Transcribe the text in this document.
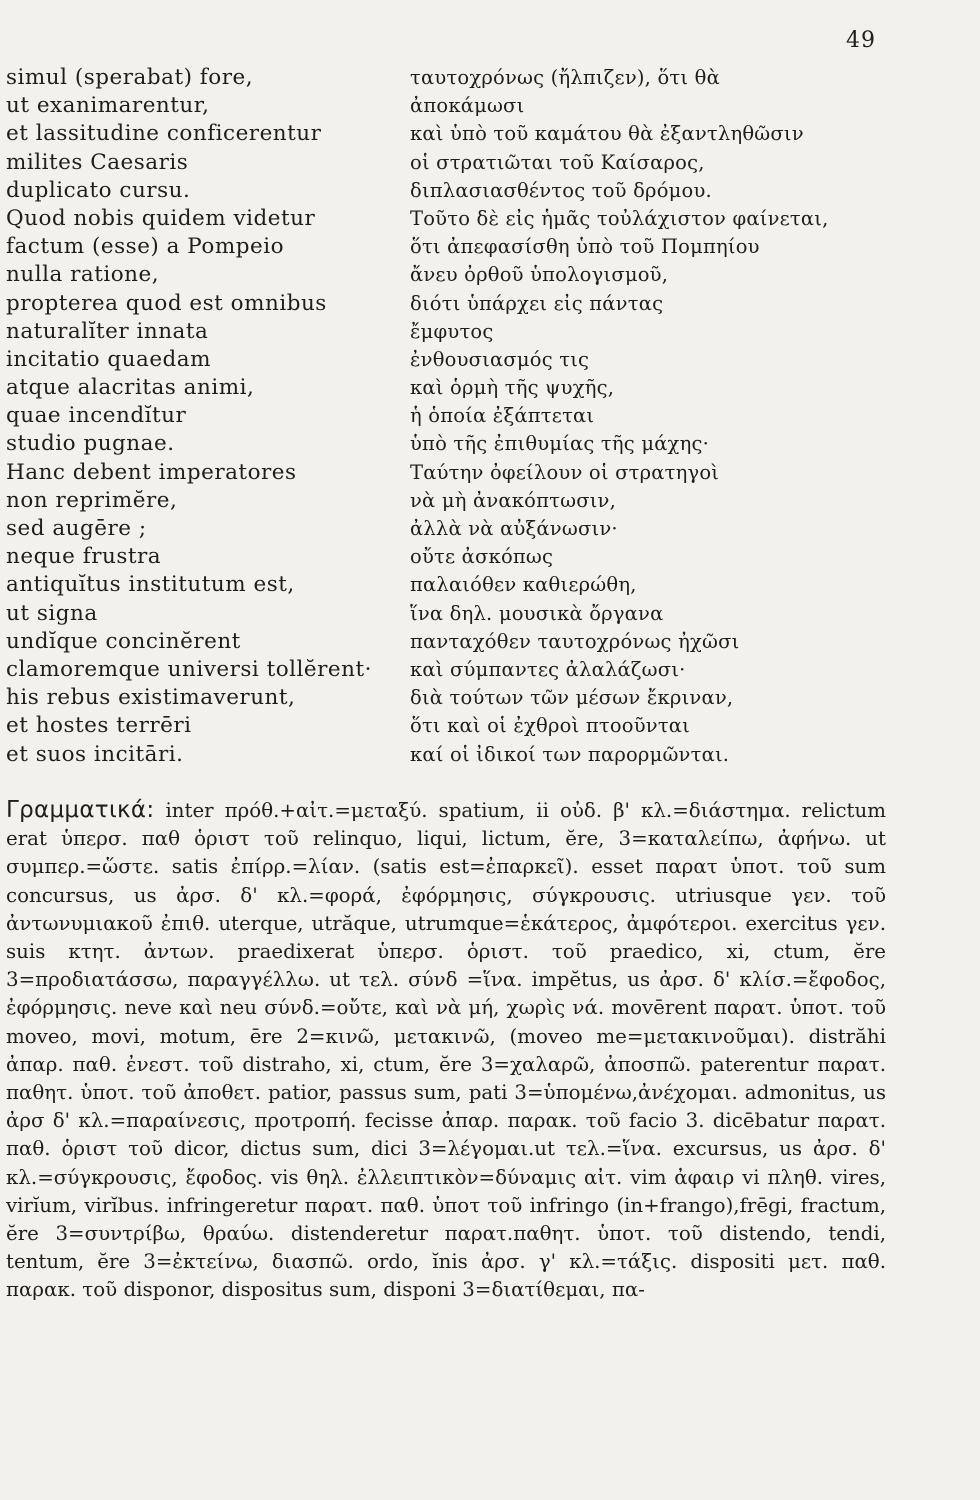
49
simul (sperabat) fore,
ut exanimarentur,
et lassitudine conficerentur
milites Caesaris
duplicato cursu.
Quod nobis quidem videtur
factum (esse) a Pompeio
nulla ratione,
propterea quod est omnibus
naturalĭter innata
incitatio quaedam
atque alacritas animi,
quae incendĭtur
studio pugnae.
Hanc debent imperatores
non reprimĕre,
sed augēre ;
neque frustra
antiquĭtus institutum est,
ut signa
undĭque concinĕrent
clamoremque universi tollĕrent·
his rebus existimaverunt,
et hostes terrēri
et suos incitāri.
ταυτοχρόνως (ἤλπιζεν), ὅτι θὰ
ἀποκάμωσι
καὶ ὑπὸ τοῦ καμάτου θὰ ἐξαντληθῶσιν
οἱ στρατιῶται τοῦ Καίσαρος,
διπλασιασθέντος τοῦ δρόμου.
Τοῦτο δὲ εἰς ἡμᾶς τοὐλάχιστον φαίνεται,
ὅτι ἀπεφασίσθη ὑπὸ τοῦ Πομπηίου
ἄνευ ὀρθοῦ ὑπολογισμοῦ,
διότι ὑπάρχει εἰς πάντας
ἔμφυτος
ἐνθουσιασμός τις
καὶ ὁρμὴ τῆς ψυχῆς,
ἡ ὁποία ἐξάπτεται
ὑπὸ τῆς ἐπιθυμίας τῆς μάχης·
Ταύτην ὀφείλουν οἱ στρατηγοὶ
νὰ μὴ ἀνακόπτωσιν,
ἀλλὰ νὰ αὐξάνωσιν·
οὔτε ἀσκόπως
παλαιόθεν καθιερώθη,
ἵνα δηλ. μουσικὰ ὄργανα
πανταχόθεν ταυτοχρόνως ἠχῶσι
καὶ σύμπαντες ἀλαλάζωσι·
διὰ τούτων τῶν μέσων ἔκριναν,
ὅτι καὶ οἱ ἐχθροὶ πτοοῦνται
καί οἱ ἰδικοί των παρορμῶνται.
Γραμματικά: inter πρόθ.+αἰτ.=μεταξύ. spatium, ii οὐδ. β' κλ.=διάστημα. relictum erat ὑπερσ. παθ ὁριστ τοῦ relinquo, liqui, lictum, ĕre, 3=καταλείπω, ἀφήνω. ut συμπερ.=ὥστε. satis ἐπίρρ.=λίαν. (satis est=ἐπαρκεῖ). esset παρατ ὑποτ. τοῦ sum concursus, us ἀρσ. δ' κλ.=φορά, ἐφόρμησις, σύγκρουσις. utriusque γεν. τοῦ ἀντωνυμιακοῦ ἐπιθ. uterque, utrăque, utrumque=ἑκάτερος, ἀμφότεροι. exercitus γεν. suis κτητ. ἀντων. praedixerat ὑπερσ. ὁριστ. τοῦ praedico, xi, ctum, ĕre 3=προδιατάσσω, παραγγέλλω. ut τελ. σύνδ =ἵνα. impĕtus, us ἀρσ. δ' κλίσ.=ἔφοδος, ἐφόρμησις. neve καὶ neu σύνδ.=οὔτε, καὶ νὰ μή, χωρὶς νά. movērent παρατ. ὑποτ. τοῦ moveo, movi, motum, ēre 2=κινῶ, μετακινῶ, (moveo me=μετακινοῦμαι). distrăhi ἀπαρ. παθ. ἐνεστ. τοῦ distraho, xi, ctum, ĕre 3=χαλαρῶ, ἀποσπῶ. paterentur παρατ. παθητ. ὑποτ. τοῦ ἀποθετ. patior, passus sum, pati 3=ὑπομένω,ἀνέχομαι. admonitus, us ἀρσ δ' κλ.=παραίνεσις, προτροπή. fecisse ἀπαρ. παρακ. τοῦ facio 3. dicēbatur παρατ. παθ. ὁριστ τοῦ dicor, dictus sum, dici 3=λέγομαι.ut τελ.=ἵνα. excursus, us ἀρσ. δ' κλ.=σύγκρουσις, ἔφοδος. vis θηλ. ἐλλειπτικὸν=δύναμις αἰτ. vim ἀφαιρ vi πληθ. vires, virĭum, virĭbus. infringeretur παρατ. παθ. ὑποτ τοῦ infringo (in+frango),frēgi, fractum, ĕre 3=συντρίβω, θραύω. distenderetur παρατ.παθητ. ὑποτ. τοῦ distendo, tendi, tentum, ĕre 3=ἐκτείνω, διασπῶ. ordo, ĭnis ἀρσ. γ' κλ.=τάξις. dispositi μετ. παθ. παρακ. τοῦ disponor, dispositus sum, disponi 3=διατίθεμαι, πα-
